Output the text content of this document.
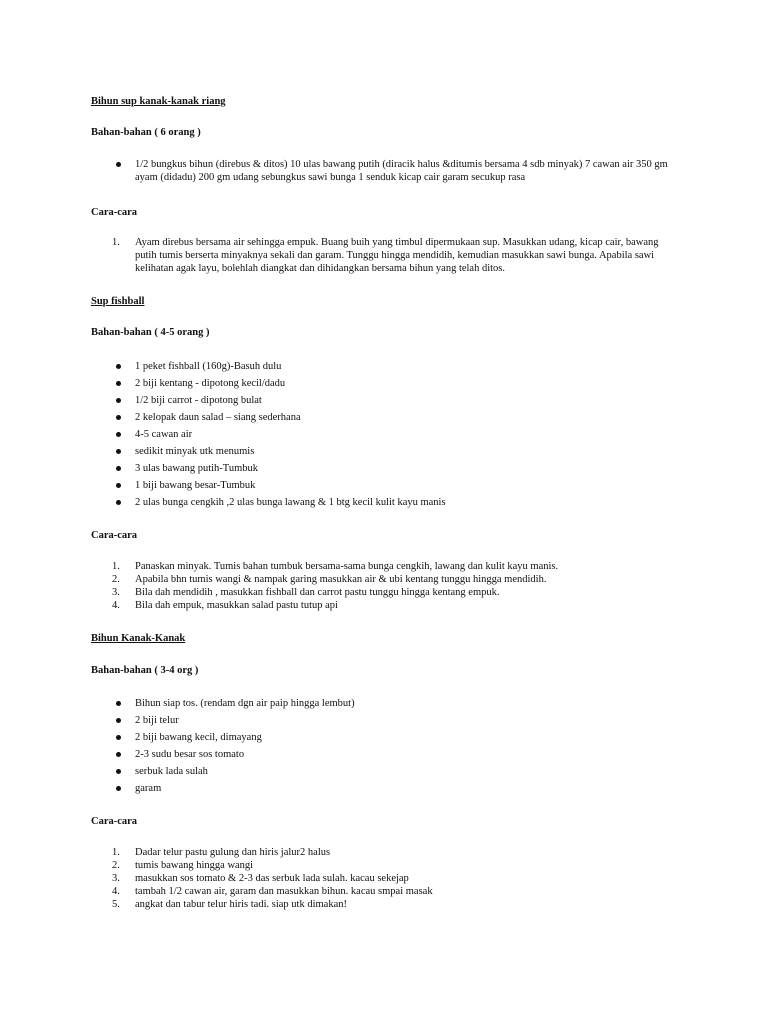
Bihun sup kanak-kanak riang
Bahan-bahan ( 6 orang )
1/2 bungkus bihun (direbus & ditos) 10 ulas bawang putih (diracik halus &ditumis bersama 4 sdb minyak) 7 cawan air 350 gm ayam (didadu) 200 gm udang sebungkus sawi bunga 1 senduk kicap cair garam secukup rasa
Cara-cara
1. Ayam direbus bersama air sehingga empuk. Buang buih yang timbul dipermukaan sup. Masukkan udang, kicap cair, bawang putih tumis berserta minyaknya sekali dan garam. Tunggu hingga mendidih, kemudian masukkan sawi bunga. Apabila sawi kelihatan agak layu, bolehlah diangkat dan dihidangkan bersama bihun yang telah ditos.
Sup fishball
Bahan-bahan ( 4-5 orang )
1 peket fishball (160g)-Basuh dulu
2 biji kentang - dipotong kecil/dadu
1/2 biji carrot - dipotong bulat
2 kelopak daun salad – siang sederhana
4-5 cawan air
sedikit minyak utk menumis
3 ulas bawang putih-Tumbuk
1 biji bawang besar-Tumbuk
2 ulas bunga cengkih ,2 ulas bunga lawang & 1 btg kecil kulit kayu manis
Cara-cara
1. Panaskan minyak. Tumis bahan tumbuk bersama-sama bunga cengkih, lawang dan kulit kayu manis.
2. Apabila bhn tumis wangi & nampak garing masukkan air & ubi kentang tunggu hingga mendidih.
3. Bila dah mendidih , masukkan fishball dan carrot pastu tunggu hingga kentang empuk.
4. Bila dah empuk, masukkan salad pastu tutup api
Bihun Kanak-Kanak
Bahan-bahan ( 3-4 org )
Bihun siap tos. (rendam dgn air paip hingga lembut)
2 biji telur
2 biji bawang kecil, dimayang
2-3 sudu besar sos tomato
serbuk lada sulah
garam
Cara-cara
1. Dadar telur pastu gulung dan hiris jalur2 halus
2. tumis bawang hingga wangi
3. masukkan sos tomato & 2-3 das serbuk lada sulah. kacau sekejap
4. tambah 1/2 cawan air, garam dan masukkan bihun. kacau smpai masak
5. angkat dan tabur telur hiris tadi. siap utk dimakan!
